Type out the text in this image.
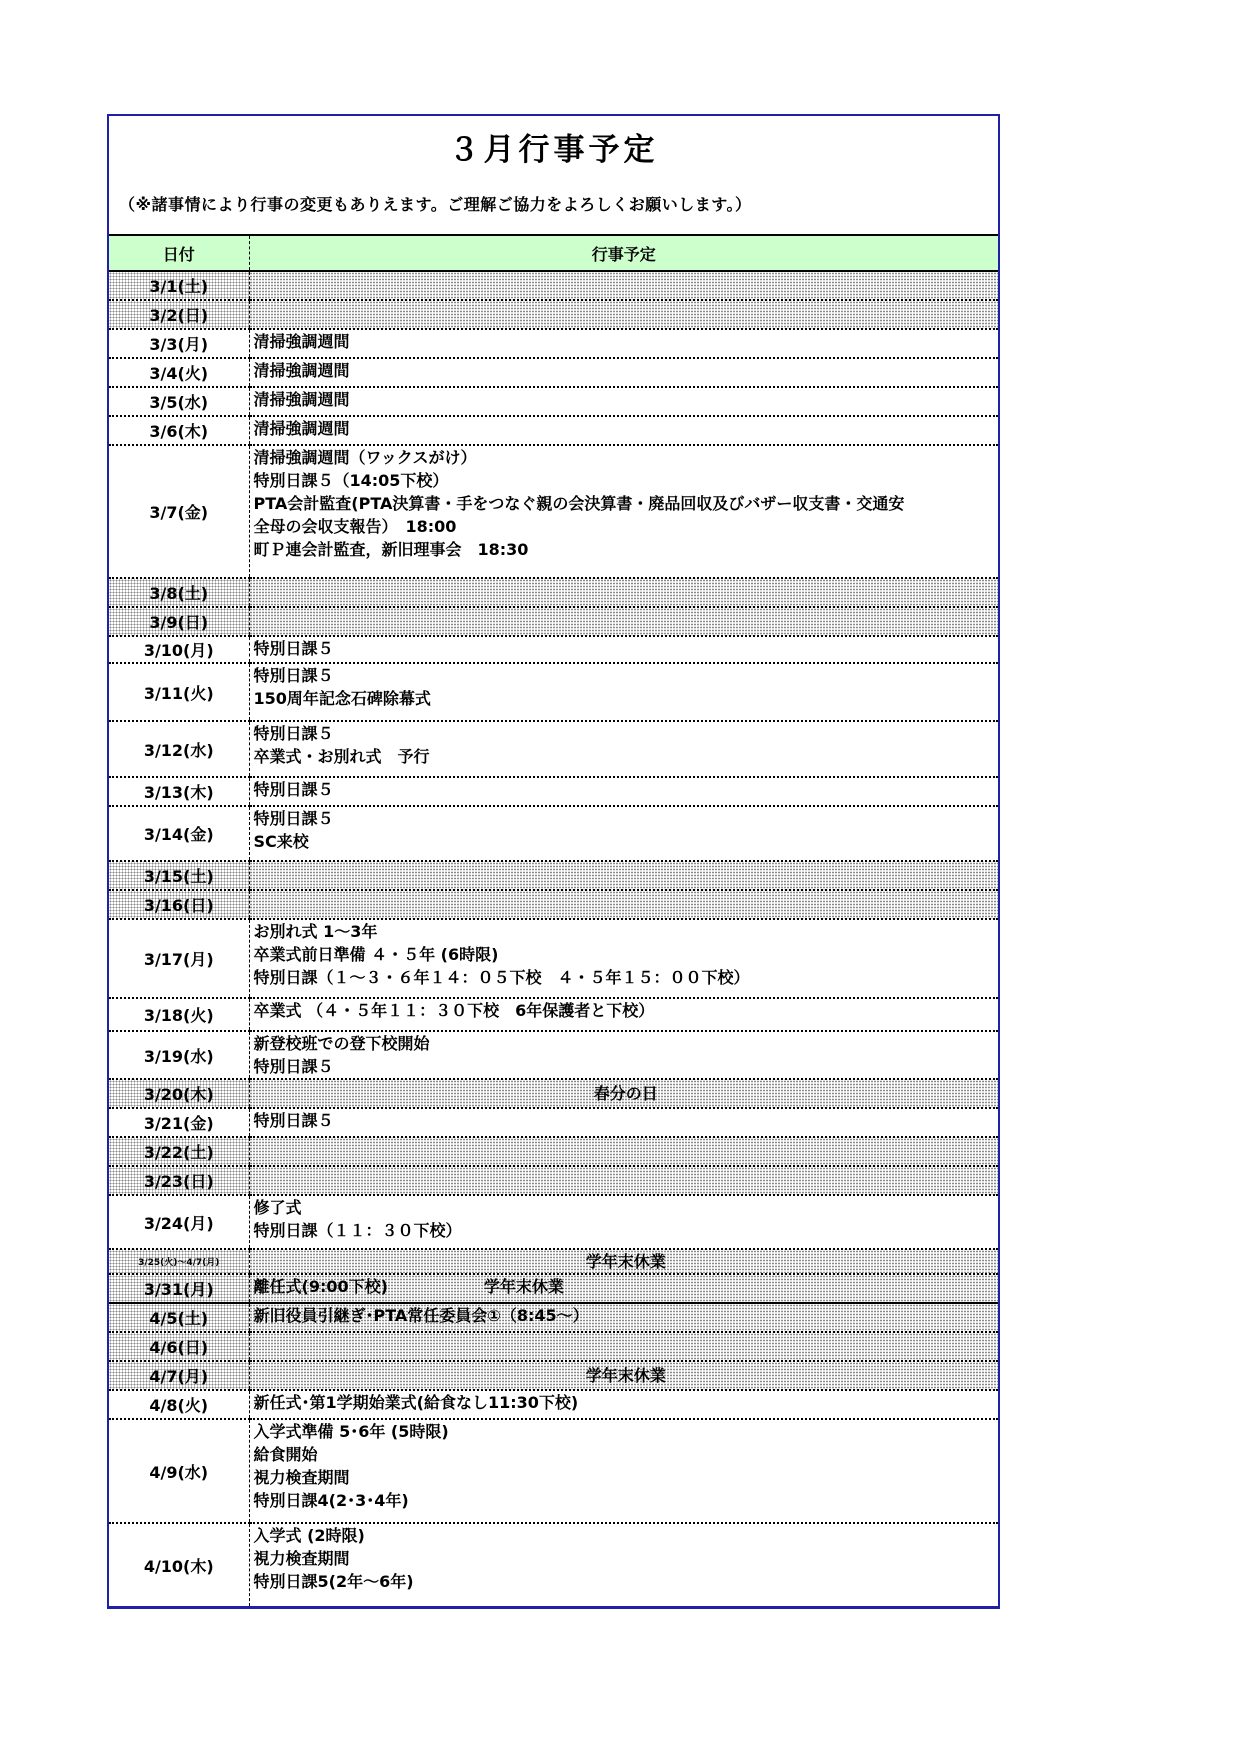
３月行事予定
（※諸事情により行事の変更もありえます。ご理解ご協力をよろしくお願いします。）
日付	行事予定
3/1(土)	
3/2(日)	
3/3(月)	清掃強調週間

3/4(火)	清掃強調週間

3/5(水)	清掃強調週間

3/6(木)	清掃強調週間

3/7(金)	清掃強調週間（ワックスがけ）
特別日課５（14:05下校）
PTA会計監査(PTA決算書・手をつなぐ親の会決算書・廃品回収及びバザー収支書・交通安
全母の会収支報告）　18:00
町Ｐ連会計監査，新旧理事会　18:30

3/8(土)	
3/9(日)	
3/10(月)	特別日課５

3/11(火)	特別日課５
150周年記念石碑除幕式

3/12(水)	特別日課５
卒業式・お別れ式　予行

3/13(木)	特別日課５

3/14(金)	特別日課５
SC来校

3/15(土)	
3/16(日)	
3/17(月)	お別れ式 1～3年
卒業式前日準備 ４・５年 (6時限)
特別日課（１～３・６年１４：０５下校　４・５年１５：００下校）

3/18(火)	卒業式 （４・５年１１：３０下校　6年保護者と下校）

3/19(水)	新登校班での登下校開始
特別日課５

3/20(木)	春分の日

3/21(金)	特別日課５

3/22(土)	
3/23(日)	
3/24(月)	修了式
特別日課（１１：３０下校）

3/25(火)～4/7(月)	学年末休業

3/31(月)	離任式(9:00下校)　　　　　　学年末休業

4/5(土)	新旧役員引継ぎ･PTA常任委員会①（8:45～）

4/6(日)	
4/7(月)	学年末休業

4/8(火)	新任式･第1学期始業式(給食なし11:30下校)

4/9(水)	入学式準備 5･6年 (5時限)
給食開始
視力検査期間
特別日課4(2･3･4年)

4/10(木)	入学式 (2時限)
視力検査期間
特別日課5(2年～6年)
